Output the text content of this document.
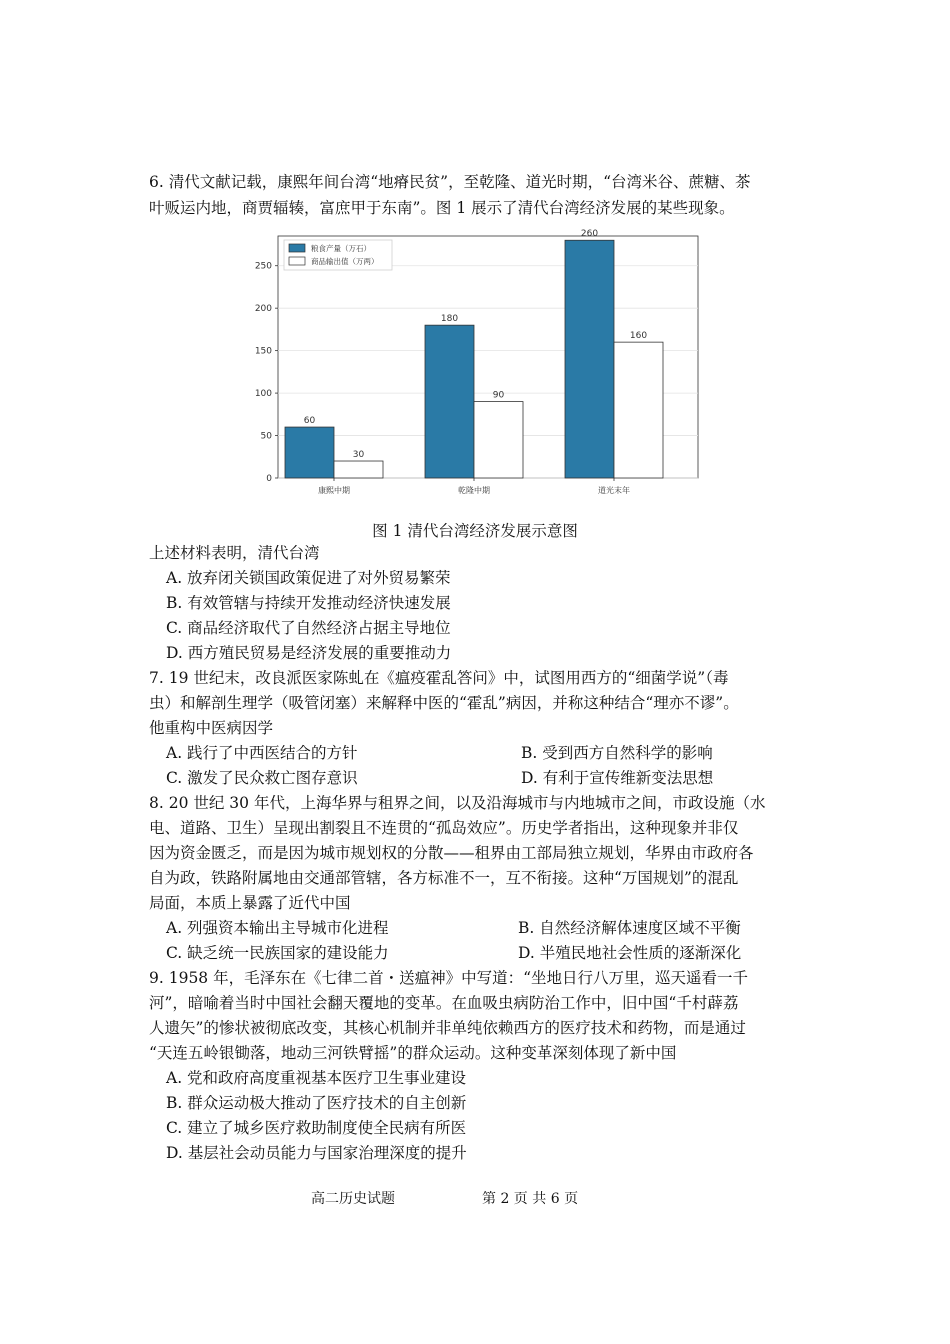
6. 清代文献记载，康熙年间台湾“地瘠民贫”，至乾隆、道光时期，“台湾米谷、蔗糖、茶
叶贩运内地，商贾辐辏，富庶甲于东南”。图 1 展示了清代台湾经济发展的某些现象。
0
50
100
150
200
250
60
30
康熙中期
180
90
乾隆中期
260
160
道光末年
粮食产量（万石）
商品输出值（万两）
图 1 清代台湾经济发展示意图
上述材料表明，清代台湾
A. 放弃闭关锁国政策促进了对外贸易繁荣
B. 有效管辖与持续开发推动经济快速发展
C. 商品经济取代了自然经济占据主导地位
D. 西方殖民贸易是经济发展的重要推动力
7. 19 世纪末，改良派医家陈虬在《瘟疫霍乱答问》中，试图用西方的“细菌学说”（毒
虫）和解剖生理学（吸管闭塞）来解释中医的“霍乱”病因，并称这种结合“理亦不谬”。
他重构中医病因学
A. 践行了中西医结合的方针	B. 受到西方自然科学的影响
C. 激发了民众救亡图存意识	D. 有利于宣传维新变法思想
8. 20 世纪 30 年代，上海华界与租界之间，以及沿海城市与内地城市之间，市政设施（水
电、道路、卫生）呈现出割裂且不连贯的“孤岛效应”。历史学者指出，这种现象并非仅
因为资金匮乏，而是因为城市规划权的分散——租界由工部局独立规划，华界由市政府各
自为政，铁路附属地由交通部管辖，各方标准不一，互不衔接。这种“万国规划”的混乱
局面，本质上暴露了近代中国
A. 列强资本输出主导城市化进程	B. 自然经济解体速度区域不平衡
C. 缺乏统一民族国家的建设能力	D. 半殖民地社会性质的逐渐深化
9. 1958 年，毛泽东在《七律二首・送瘟神》中写道：“坐地日行八万里，巡天遥看一千
河”，暗喻着当时中国社会翻天覆地的变革。在血吸虫病防治工作中，旧中国“千村薜荔
人遗矢”的惨状被彻底改变，其核心机制并非单纯依赖西方的医疗技术和药物，而是通过
“天连五岭银锄落，地动三河铁臂摇”的群众运动。这种变革深刻体现了新中国
A. 党和政府高度重视基本医疗卫生事业建设
B. 群众运动极大推动了医疗技术的自主创新
C. 建立了城乡医疗救助制度使全民病有所医
D. 基层社会动员能力与国家治理深度的提升
高二历史试题	第 2 页 共 6 页
